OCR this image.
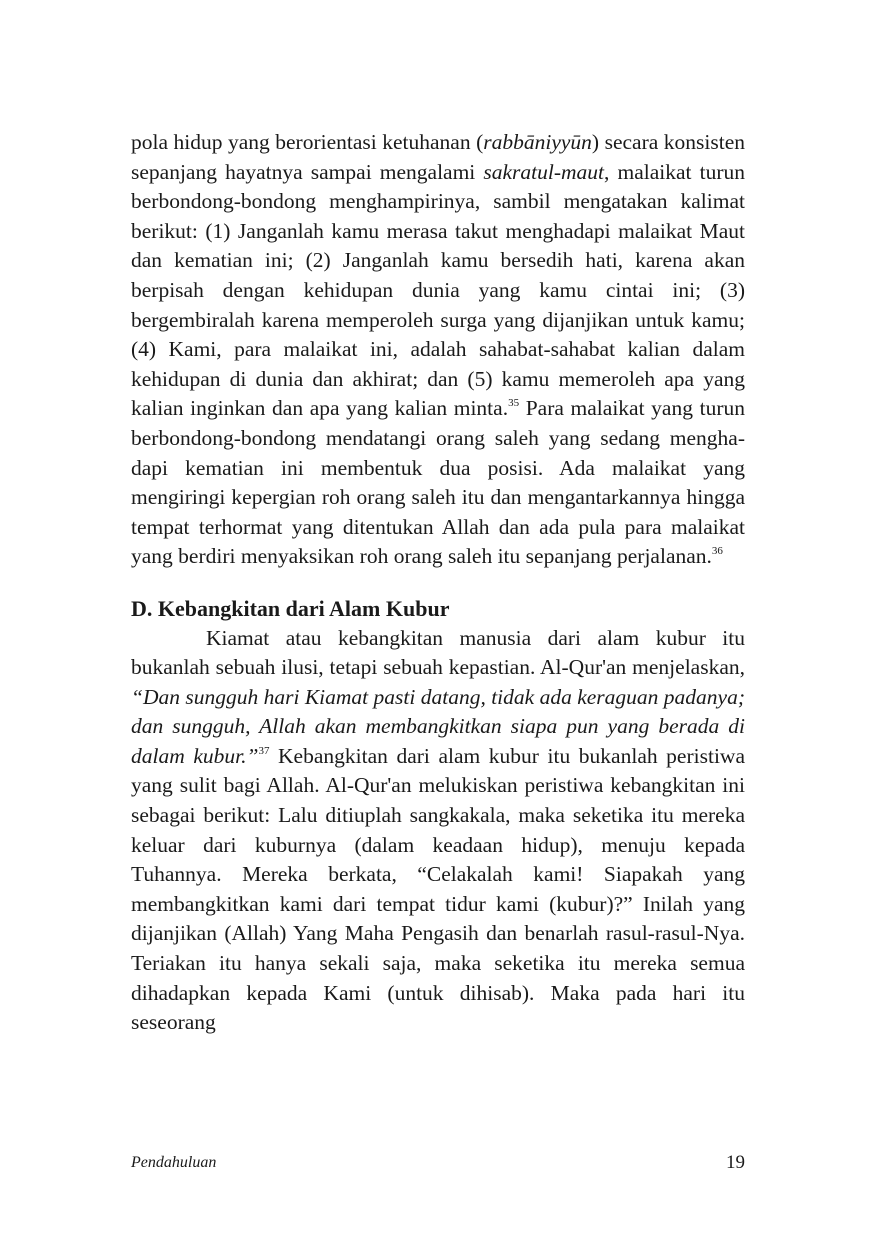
pola hidup yang berorientasi ketuhanan (rabbāniyyūn) secara konsisten sepanjang hayatnya sampai mengalami sakratul-maut, malaikat turun berbondong-bondong menghampirinya, sambil mengatakan kalimat berikut: (1) Janganlah kamu merasa takut menghadapi malaikat Maut dan kematian ini; (2) Janganlah kamu bersedih hati, karena akan berpisah dengan kehidupan dunia yang kamu cintai ini; (3) bergembiralah karena memperoleh surga yang dijanjikan untuk kamu; (4) Kami, para malaikat ini, adalah sahabat-sahabat kalian dalam kehidupan di dunia dan akhirat; dan (5) kamu memeroleh apa yang kalian inginkan dan apa yang kalian minta.$^{35}$ Para malaikat yang turun berbondong-bondong mendatangi orang saleh yang sedang menghadapi kematian ini membentuk dua posisi. Ada malaikat yang mengiringi kepergian roh orang saleh itu dan mengantarkannya hingga tempat terhormat yang ditentukan Allah dan ada pula para malaikat yang berdiri menyaksikan roh orang saleh itu sepanjang perjalanan.$^{36}$

D. Kebangkitan dari Alam Kubur

Kiamat atau kebangkitan manusia dari alam kubur itu bukanlah sebuah ilusi, tetapi sebuah kepastian. Al-Qur'an menjelaskan, “Dan sungguh hari Kiamat pasti datang, tidak ada keraguan padanya; dan sungguh, Allah akan membangkitkan siapa pun yang berada di dalam kubur.”$^{37}$ Kebangkitan dari alam kubur itu bukanlah peristiwa yang sulit bagi Allah. Al-Qur'an melukiskan peristiwa kebangkitan ini sebagai berikut: Lalu ditiuplah sangkakala, maka seketika itu mereka keluar dari kuburnya (dalam keadaan hidup), menuju kepada Tuhannya. Mereka berkata, “Celakalah kami! Siapakah yang membangkitkan kami dari tempat tidur kami (kubur)?” Inilah yang dijanjikan (Allah) Yang Maha Pengasih dan benarlah rasul-rasul-Nya. Teriakan itu hanya sekali saja, maka seketika itu mereka semua dihadapkan kepada Kami (untuk dihisab). Maka pada hari itu seseorang

Pendahuluan	19
